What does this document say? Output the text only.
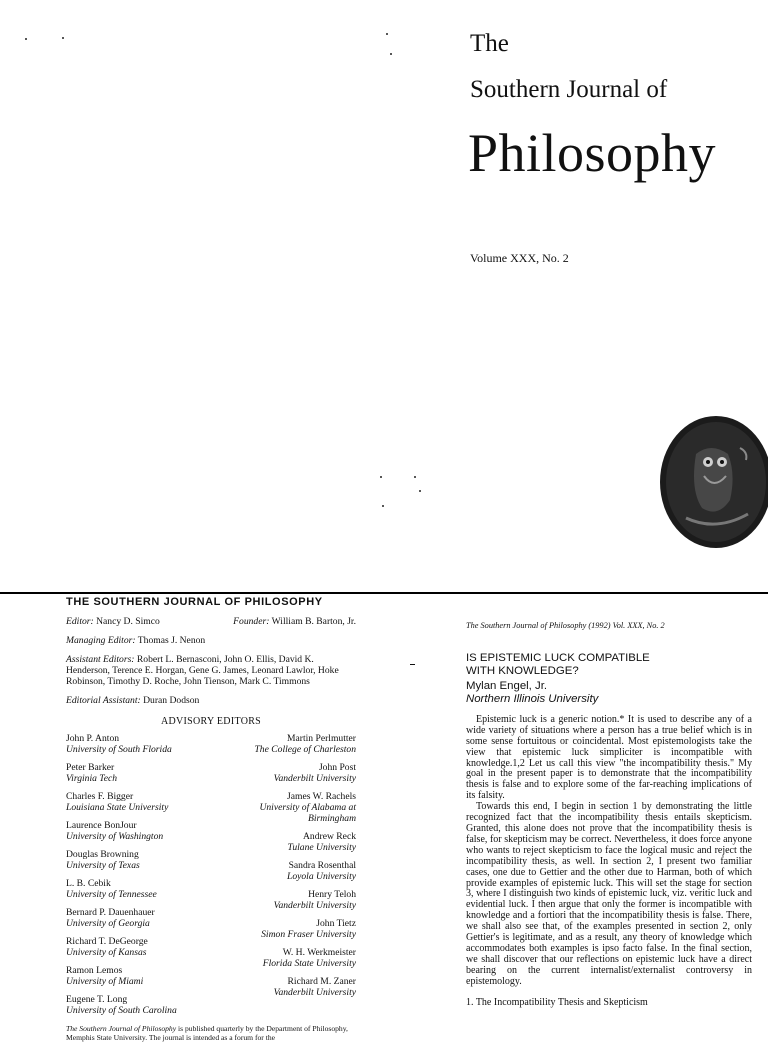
The
Southern Journal of
Philosophy
Volume XXX, No. 2
THE SOUTHERN JOURNAL OF PHILOSOPHY
Editor: Nancy D. Simco	Founder: William B. Barton, Jr.
Managing Editor: Thomas J. Nenon
Assistant Editors: Robert L. Bernasconi, John O. Ellis, David K. Henderson, Terence E. Horgan, Gene G. James, Leonard Lawlor, Hoke Robinson, Timothy D. Roche, John Tienson, Mark C. Timmons
Editorial Assistant: Duran Dodson
ADVISORY EDITORS
John P. Anton
University of South Florida
Peter Barker
Virginia Tech
Charles F. Bigger
Louisiana State University
Laurence BonJour
University of Washington
Douglas Browning
University of Texas
L. B. Cebik
University of Tennessee
Bernard P. Dauenhauer
University of Georgia
Richard T. DeGeorge
University of Kansas
Ramon Lemos
University of Miami
Eugene T. Long
University of South Carolina
Martin Perlmutter
The College of Charleston
John Post
Vanderbilt University
James W. Rachels
University of Alabama at Birmingham
Andrew Reck
Tulane University
Sandra Rosenthal
Loyola University
Henry Teloh
Vanderbilt University
John Tietz
Simon Fraser University
W. H. Werkmeister
Florida State University
Richard M. Zaner
Vanderbilt University
The Southern Journal of Philosophy is published quarterly by the Department of Philosophy, Memphis State University. The journal is intended as a forum for the
The Southern Journal of Philosophy (1992) Vol. XXX, No. 2
IS EPISTEMIC LUCK COMPATIBLE
WITH KNOWLEDGE?
Mylan Engel, Jr.
Northern Illinois University

Epistemic luck is a generic notion.* It is used to describe any of a wide variety of situations where a person has a true belief which is in some sense fortuitous or coincidental. Most epistemologists take the view that epistemic luck simpliciter is incompatible with knowledge.1,2 Let us call this view "the incompatibility thesis." My goal in the present paper is to demonstrate that the incompatibility thesis is false and to explore some of the far-reaching implications of its falsity.

Towards this end, I begin in section 1 by demonstrating the little recognized fact that the incompatibility thesis entails skepticism. Granted, this alone does not prove that the incompatibility thesis is false, for skepticism may be correct. Nevertheless, it does force anyone who wants to reject skepticism to face the logical music and reject the incompatibility thesis, as well. In section 2, I present two familiar cases, one due to Gettier and the other due to Harman, both of which provide examples of epistemic luck. This will set the stage for section 3, where I distinguish two kinds of epistemic luck, viz. veritic luck and evidential luck. I then argue that only the former is incompatible with knowledge and a fortiori that the incompatibility thesis is false. There, we shall also see that, of the examples presented in section 2, only Gettier's is legitimate, and as a result, any theory of knowledge which accommodates both examples is ipso facto false. In the final section, we shall discover that our reflections on epistemic luck have a direct bearing on the current internalist/externalist controversy in epistemology.

1. The Incompatibility Thesis and Skepticism
